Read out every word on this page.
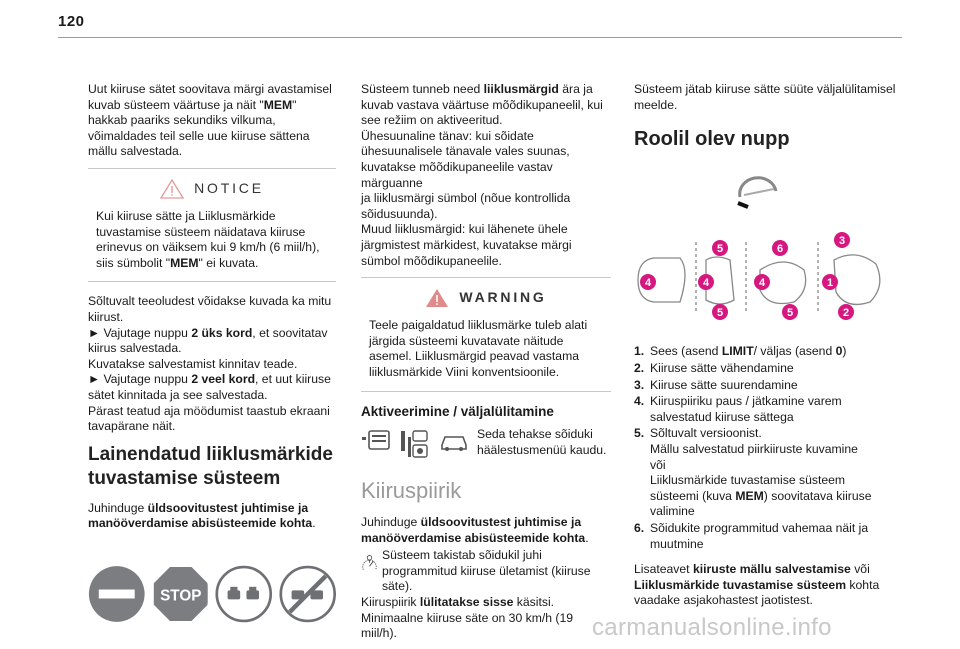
120

Uut kiiruse sätet soovitava märgi avastamisel kuvab süsteem väärtuse ja näit "MEM" hakkab paariks sekundiks vilkuma, võimaldades teil selle uue kiiruse sättena mällu salvestada.

NOTICE
Kui kiiruse sätte ja Liiklusmärkide tuvastamise süsteem näidatava kiiruse erinevus on väiksem kui 9 km/h (6 miil/h), siis sümbolit "MEM" ei kuvata.

Sõltuvalt teeoludest võidakse kuvada ka mitu kiirust.
► Vajutage nuppu 2 üks kord, et soovitatav kiirus salvestada.
Kuvatakse salvestamist kinnitav teade.
► Vajutage nuppu 2 veel kord, et uut kiiruse sätet kinnitada ja see salvestada.
Pärast teatud aja möödumist taastub ekraani tavapärane näit.

Lainendatud liiklusmärkide tuvastamise süsteem

Juhinduge üldsoovitustest juhtimise ja manööverdamise abisüsteemide kohta.

STOP

Süsteem tunneb need liiklusmärgid ära ja kuvab vastava väärtuse mõõdikupaneelil, kui see režiim on aktiveeritud.
Ühesuunaline tänav: kui sõidate ühesuunalisele tänavale vales suunas, kuvatakse mõõdikupaneelile vastav märguanne
ja liiklusmärgi sümbol (nõue kontrollida sõidusuunda).
Muud liiklusmärgid: kui lähenete ühele järgmistest märkidest, kuvatakse märgi sümbol mõõdikupaneelile.

WARNING
Teele paigaldatud liiklusmärke tuleb alati järgida süsteemi kuvatavate näitude asemel. Liiklusmärgid peavad vastama liiklusmärkide Viini konventsioonile.
Aktiveerimine / väljalülitamine
Seda tehakse sõiduki häälestusmenüü kaudu.
Kiiruspiirik

Juhinduge üldsoovitustest juhtimise ja manööverdamise abisüsteemide kohta.

Süsteem takistab sõidukil juhi programmitud kiiruse ületamist (kiiruse säte).

Kiiruspiirik lülitatakse sisse käsitsi.

Minimaalne kiiruse säte on 30 km/h (19 miil/h).

Süsteem jätab kiiruse sätte süüte väljalülitamisel meelde.

Roolil olev nupp

4
5
4
5
6
4	1
5
3
2
1. Sees (asend LIMIT/ väljas (asend 0)
2. Kiiruse sätte vähendamine
3. Kiiruse sätte suurendamine
4. Kiiruspiiriku paus / jätkamine varem salvestatud kiiruse sättega
5. Sõltuvalt versioonist.
Mällu salvestatud piirkiiruste kuvamine
või
Liiklusmärkide tuvastamise süsteem süsteemi (kuva MEM) soovitatava kiiruse valimine
6. Sõidukite programmitud vahemaa näit ja muutmine

Lisateavet kiiruste mällu salvestamise või Liiklusmärkide tuvastamise süsteem kohta vaadake asjakohastest jaotistest.

carmanualsonline.info
